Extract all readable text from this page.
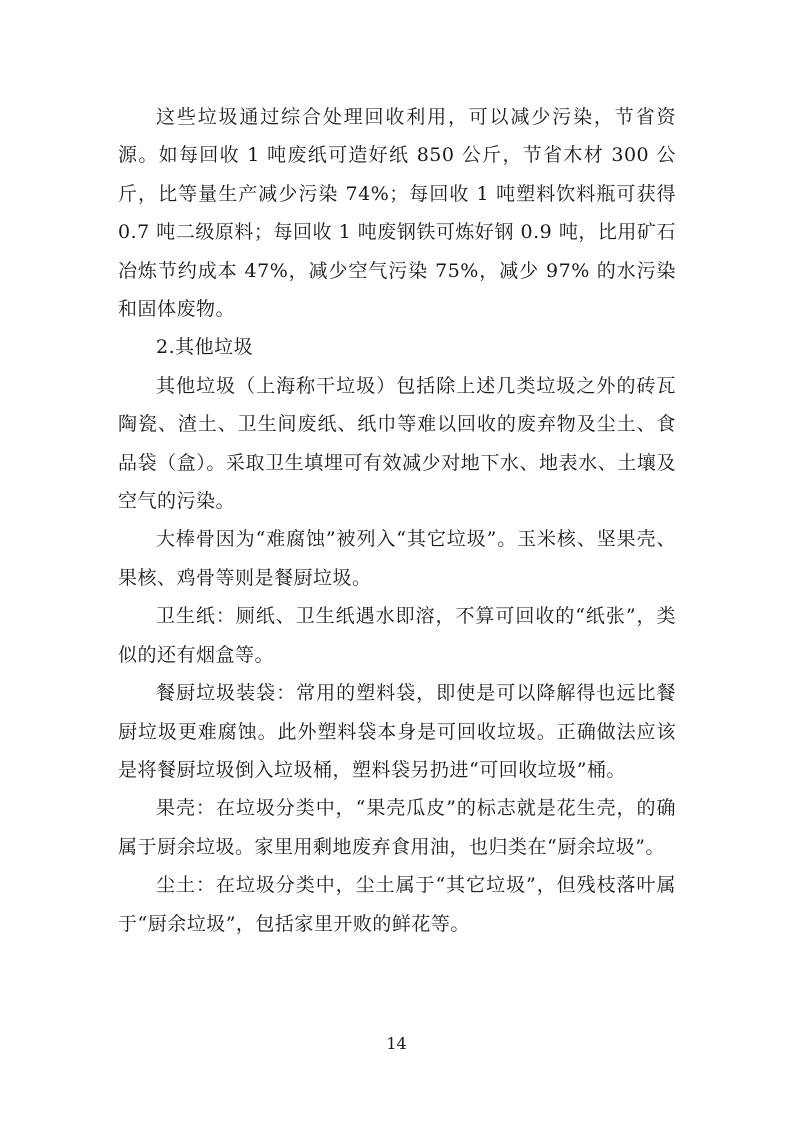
这些垃圾通过综合处理回收利用，可以减少污染，节省资源。如每回收 1 吨废纸可造好纸 850 公斤，节省木材 300 公斤，比等量生产减少污染 74%；每回收 1 吨塑料饮料瓶可获得 0.7 吨二级原料；每回收 1 吨废钢铁可炼好钢 0.9 吨，比用矿石冶炼节约成本 47%，减少空气污染 75%，减少 97% 的水污染和固体废物。

2.其他垃圾

其他垃圾（上海称干垃圾）包括除上述几类垃圾之外的砖瓦陶瓷、渣土、卫生间废纸、纸巾等难以回收的废弃物及尘土、食品袋（盒）。采取卫生填埋可有效减少对地下水、地表水、土壤及空气的污染。

大棒骨因为“难腐蚀”被列入“其它垃圾”。玉米核、坚果壳、果核、鸡骨等则是餐厨垃圾。

卫生纸：厕纸、卫生纸遇水即溶，不算可回收的“纸张”，类似的还有烟盒等。

餐厨垃圾装袋：常用的塑料袋，即使是可以降解得也远比餐厨垃圾更难腐蚀。此外塑料袋本身是可回收垃圾。正确做法应该是将餐厨垃圾倒入垃圾桶，塑料袋另扔进“可回收垃圾”桶。

果壳：在垃圾分类中，“果壳瓜皮”的标志就是花生壳，的确属于厨余垃圾。家里用剩地废弃食用油，也归类在“厨余垃圾”。

尘土：在垃圾分类中，尘土属于“其它垃圾”，但残枝落叶属于“厨余垃圾”，包括家里开败的鲜花等。

14
